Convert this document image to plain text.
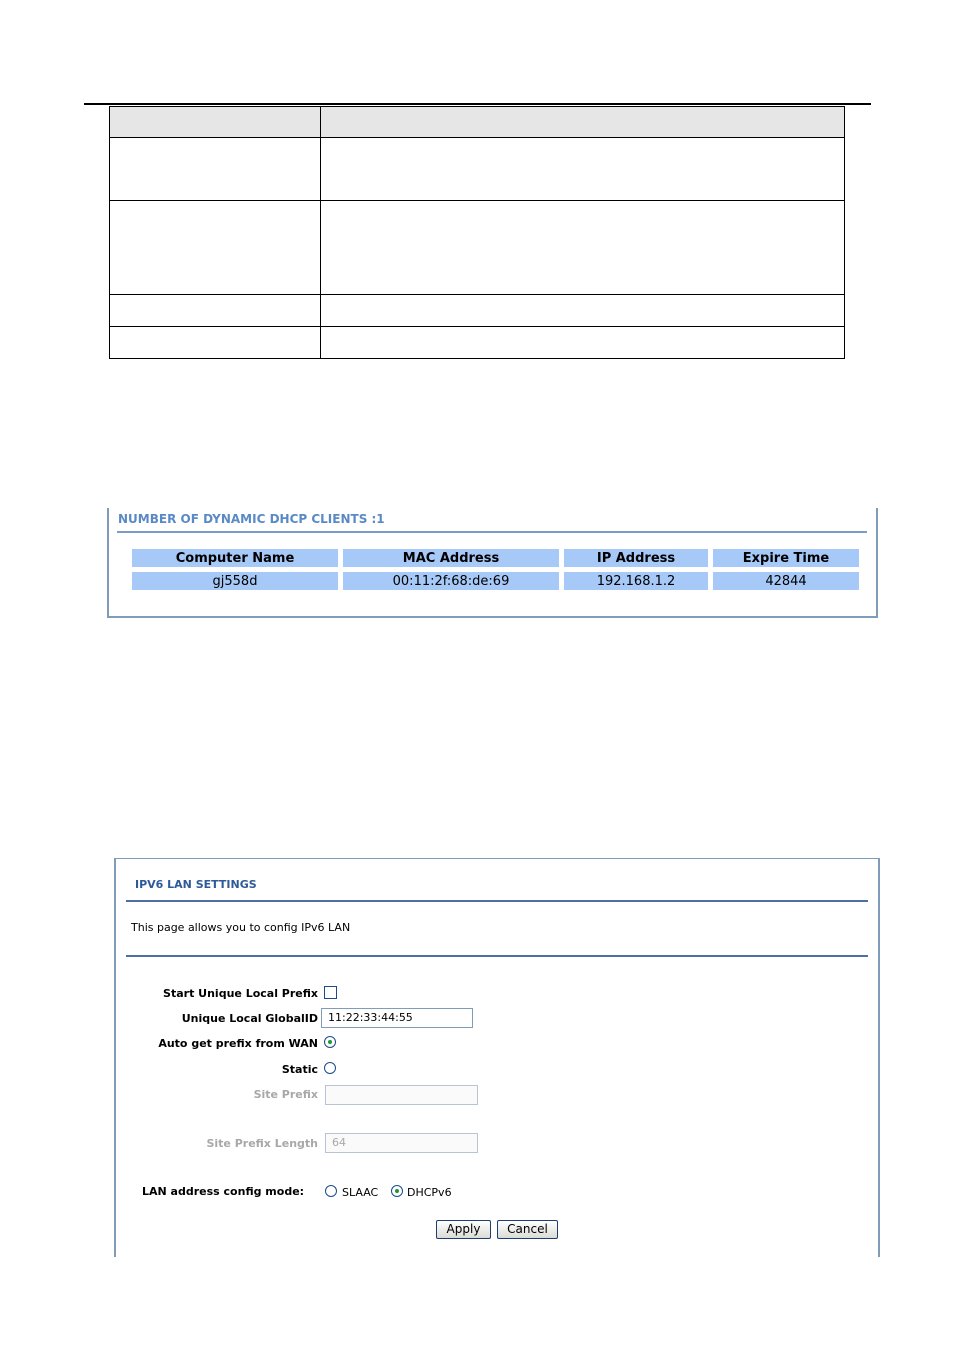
NUMBER OF DYNAMIC DHCP CLIENTS :1
Computer Name	MAC Address	IP Address	Expire Time
gj558d	00:11:2f:68:de:69	192.168.1.2	42844
IPV6 LAN SETTINGS
This page allows you to config IPv6 LAN
Start Unique Local Prefix
Unique Local GlobalID 11:22:33:44:55
Auto get prefix from WAN
Static
Site Prefix
Site Prefix Length	64
LAN address config mode:	SLAAC	DHCPv6
Apply	Cancel
